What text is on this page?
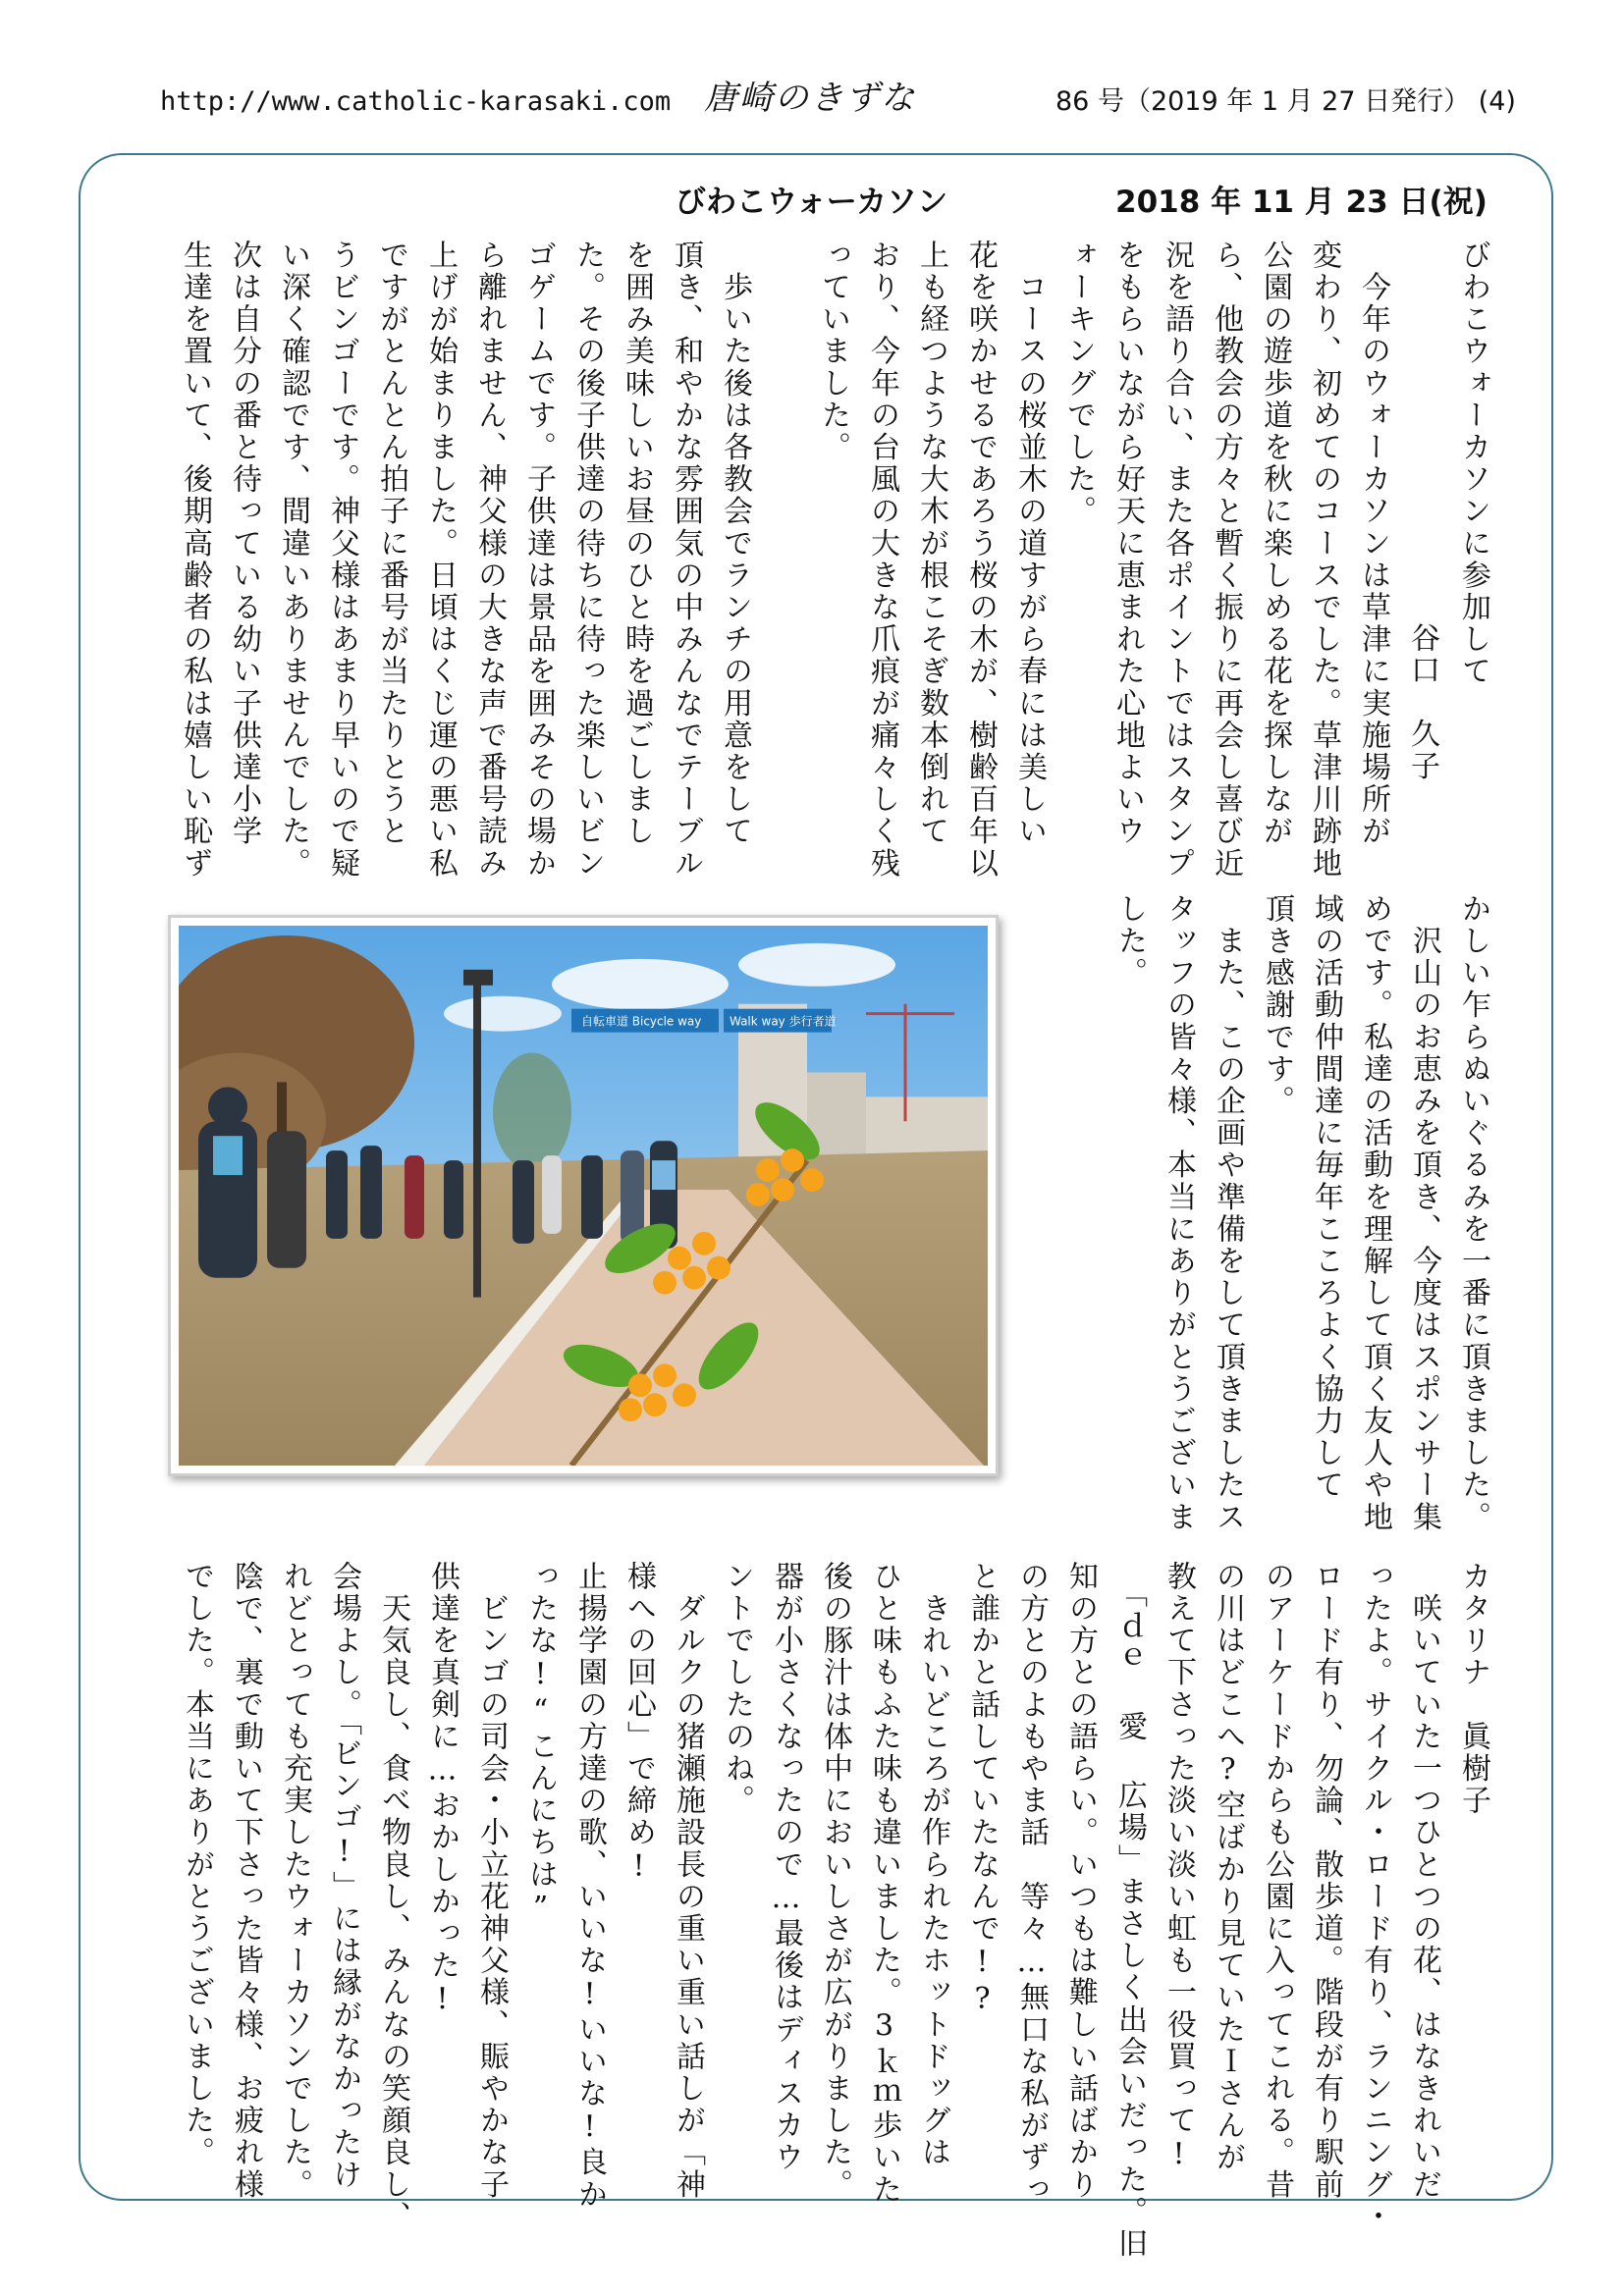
http://www.catholic-karasaki.com 唐崎のきずな	86 号（2019 年 1 月 27 日発行） (4)
びわこウォーカソン	2018 年 11 月 23 日(祝)
びわこウォーカソンに参加して
谷口　久子
　今年のウォーカソンは草津に実施場所が
変わり、初めてのコースでした。草津川跡地
公園の遊歩道を秋に楽しめる花を探しなが
ら、他教会の方々と暫く振りに再会し喜び近
況を語り合い、また各ポイントではスタンプ
をもらいながら好天に恵まれた心地よいウ
ォーキングでした。
　コースの桜並木の道すがら春には美しい
花を咲かせるであろう桜の木が、樹齢百年以
上も経つような大木が根こそぎ数本倒れて
おり、今年の台風の大きな爪痕が痛々しく残
っていました。
　歩いた後は各教会でランチの用意をして
頂き、和やかな雰囲気の中みんなでテーブル
を囲み美味しいお昼のひと時を過ごしまし
た。その後子供達の待ちに待った楽しいビン
ゴゲームです。子供達は景品を囲みその場か
ら離れません、神父様の大きな声で番号読み
上げが始まりました。日頃はくじ運の悪い私
ですがとんとん拍子に番号が当たりとうと
うビンゴーです。神父様はあまり早いので疑
い深く確認です、間違いありませんでした。
次は自分の番と待っている幼い子供達小学
生達を置いて、後期高齢者の私は嬉しい恥ず
かしい乍らぬいぐるみを一番に頂きました。
　沢山のお恵みを頂き、今度はスポンサー集
めです。私達の活動を理解して頂く友人や地
域の活動仲間達に毎年こころよく協力して
頂き感謝です。
　また、この企画や準備をして頂きましたス
タッフの皆々様、本当にありがとうございま
した。
自転車道 Bicycle way Walk way 歩行者道
カタリナ　眞樹子
　咲いていた一つひとつの花、はなきれいだ
ったよ。サイクル・ロード有り、ランニング・
ロード有り、勿論、散歩道。階段が有り駅前
のアーケードからも公園に入ってこれる。昔
の川はどこへ?空ばかり見ていたＩさんが
教えて下さった淡い淡い虹も一役買って!
　「ｄｅ 愛 広場」まさしく出会いだった。旧
知の方との語らい。いつもは難しい話ばかり
の方とのよもやま話　等々…無口な私がずっ
と誰かと話していたなんで!?
　きれいどころが作られたホットドッグは
ひと味もふた味も違いました。3ｋｍ歩いた
後の豚汁は体中においしさが広がりました。
器が小さくなったので…最後はディスカウ
ントでしたのね。
　ダルクの猪瀬施設長の重い重い話しが「神
様への回心」で締め!
止揚学園の方達の歌、いいな!いいな!良か
ったな!“こんにちは”
　ビンゴの司会・小立花神父様、賑やかな子
供達を真剣に…おかしかった!
　天気良し、食べ物良し、みんなの笑顔良し、
会場よし。「ビンゴ!」には縁がなかったけ
れどとっても充実したウォーカソンでした。
陰で、裏で動いて下さった皆々様、お疲れ様
でした。本当にありがとうございました。
